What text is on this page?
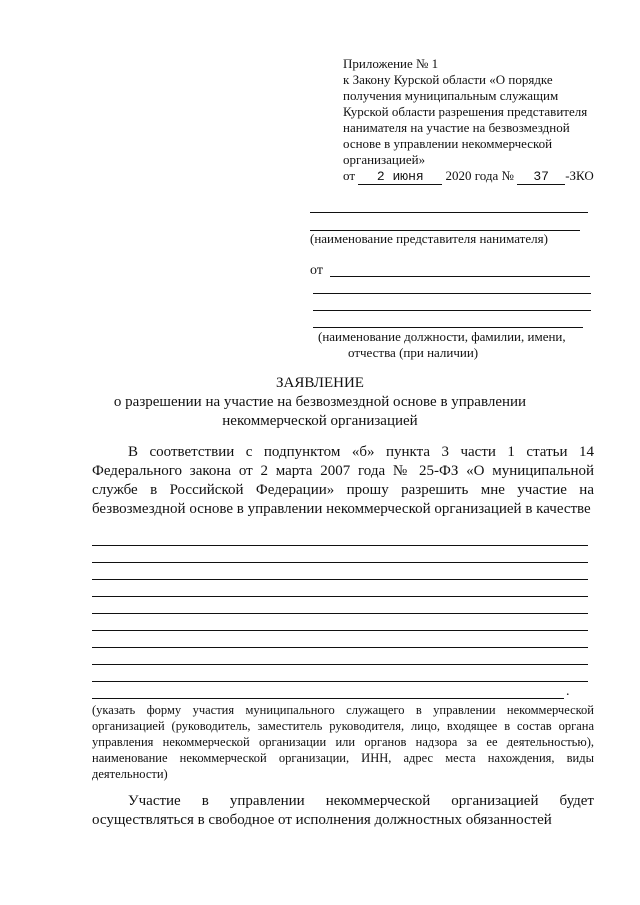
Приложение № 1
к Закону Курской области «О порядке
получения муниципальным служащим
Курской области разрешения представителя
нанимателя на участие на безвозмездной
основе в управлении некоммерческой
организацией»
от 2 июня 2020 года № 37 -ЗКО
(наименование представителя нанимателя)
от
(наименование должности, фамилии, имени,
отчества (при наличии)
ЗАЯВЛЕНИЕ
о разрешении на участие на безвозмездной основе в управлении
некоммерческой организацией
В соответствии с подпунктом «б» пункта 3 части 1 статьи 14 Федерального закона от 2 марта 2007 года № 25-ФЗ «О муниципальной службе в Российской Федерации» прошу разрешить мне участие на безвозмездной основе в управлении некоммерческой организацией в качестве
.
(указать форму участия муниципального служащего в управлении некоммерческой организацией (руководитель, заместитель руководителя, лицо, входящее в состав органа управления некоммерческой организации или органов надзора за ее деятельностью), наименование некоммерческой организации, ИНН, адрес места нахождения, виды деятельности)
Участие в управлении некоммерческой организацией будет осуществляться в свободное от исполнения должностных обязанностей
